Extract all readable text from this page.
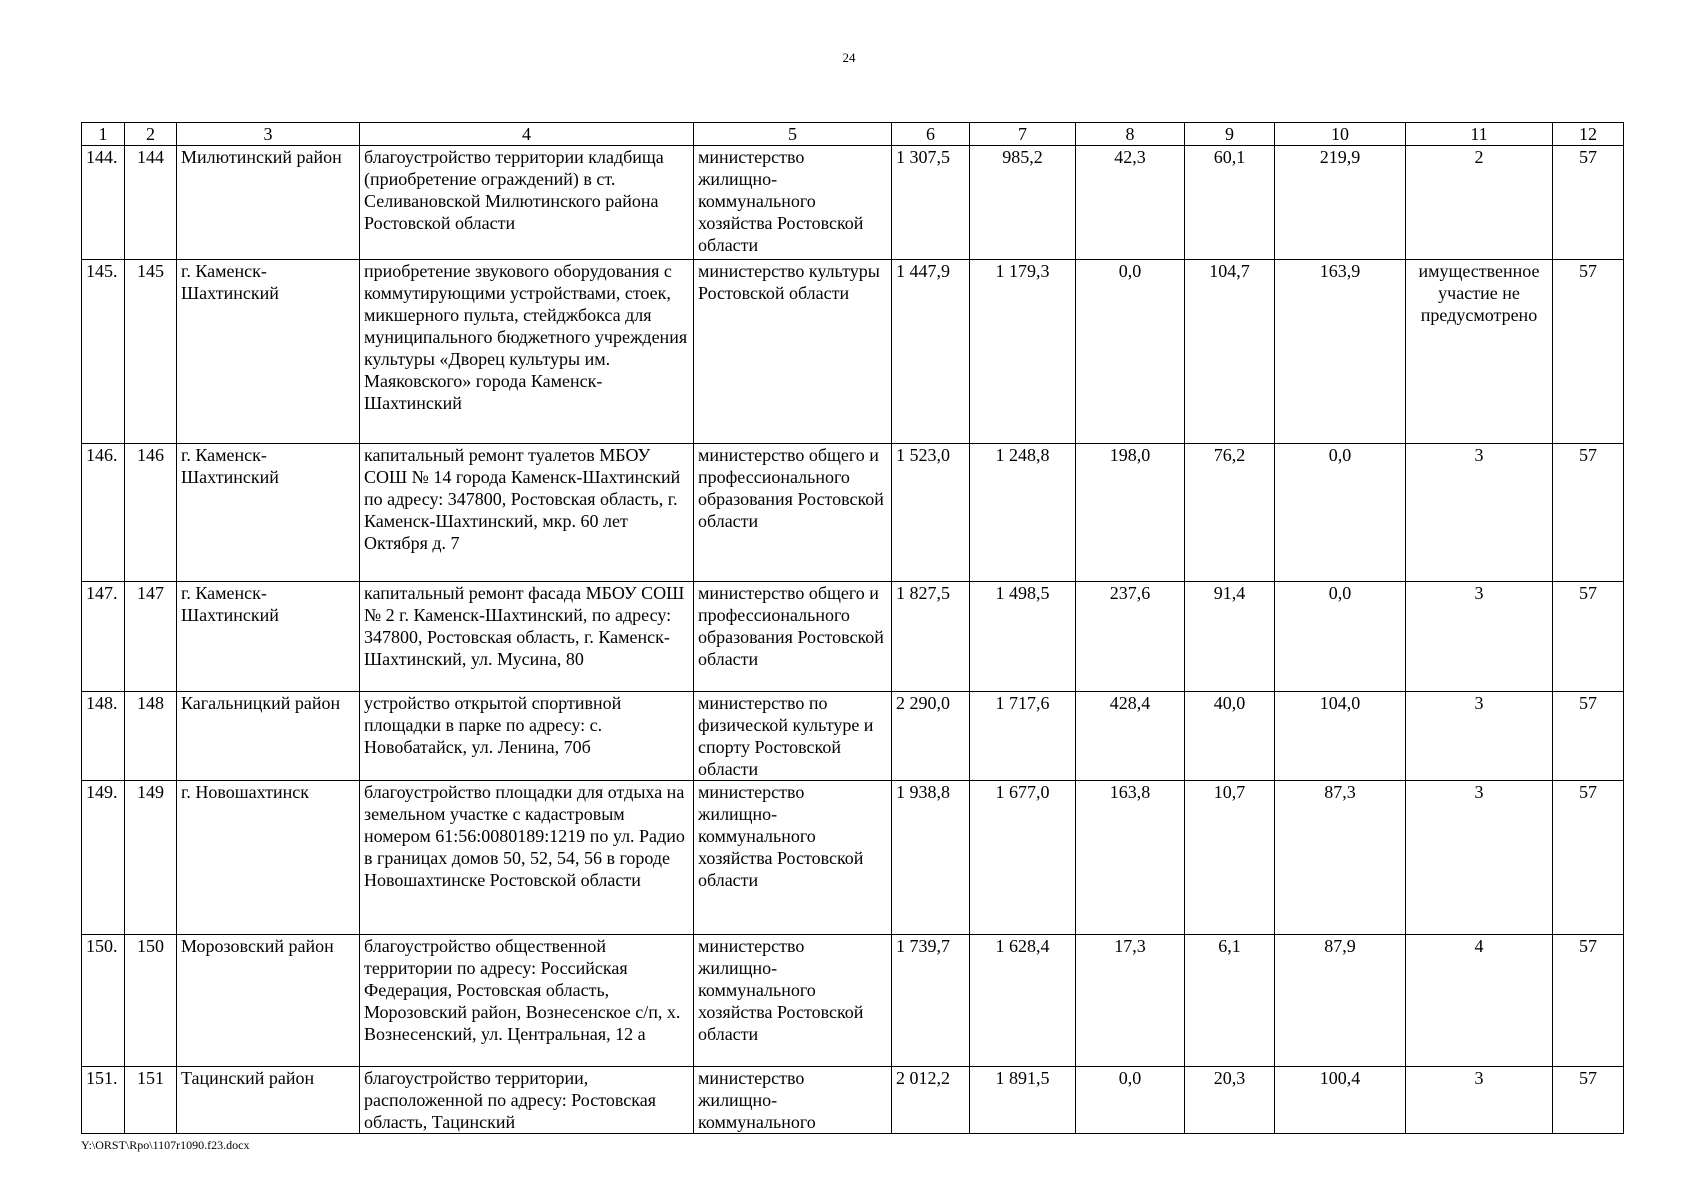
24
1	2	3	4	5	6	7	8	9	10	11	12
144.	144	Милютинский район	благоустройство территории кладбища (приобретение ограждений) в ст. Селивановской Милютинского района Ростовской области	министерство жилищно-коммунального хозяйства Ростовской области	1 307,5	985,2	42,3	60,1	219,9	2	57
145.	145	г. Каменск-Шахтинский	приобретение звукового оборудования с коммутирующими устройствами, стоек, микшерного пульта, стейджбокса для муниципального бюджетного учреждения культуры «Дворец культуры им. Маяковского» города Каменск-Шахтинский	министерство культуры Ростовской области	1 447,9	1 179,3	0,0	104,7	163,9	имущественное участие не предусмотрено	57
146.	146	г. Каменск-Шахтинский	капитальный ремонт туалетов МБОУ СОШ № 14 города Каменск-Шахтинский по адресу: 347800, Ростовская область, г. Каменск-Шахтинский, мкр. 60 лет Октября д. 7	министерство общего и профессионального образования Ростовской области	1 523,0	1 248,8	198,0	76,2	0,0	3	57
147.	147	г. Каменск-Шахтинский	капитальный ремонт фасада МБОУ СОШ № 2 г. Каменск-Шахтинский, по адресу: 347800, Ростовская область, г. Каменск-Шахтинский, ул. Мусина, 80	министерство общего и профессионального образования Ростовской области	1 827,5	1 498,5	237,6	91,4	0,0	3	57
148.	148	Кагальницкий район	устройство открытой спортивной площадки в парке по адресу: с. Новобатайск, ул. Ленина, 70б	министерство по физической культуре и спорту Ростовской области	2 290,0	1 717,6	428,4	40,0	104,0	3	57
149.	149	г. Новошахтинск	благоустройство площадки для отдыха на земельном участке с кадастровым номером 61:56:0080189:1219 по ул. Радио в границах домов 50, 52, 54, 56 в городе Новошахтинске Ростовской области	министерство жилищно-коммунального хозяйства Ростовской области	1 938,8	1 677,0	163,8	10,7	87,3	3	57
150.	150	Морозовский район	благоустройство общественной территории по адресу: Российская Федерация, Ростовская область, Морозовский район, Вознесенское с/п, х. Вознесенский, ул. Центральная, 12 а	министерство жилищно-коммунального хозяйства Ростовской области	1 739,7	1 628,4	17,3	6,1	87,9	4	57
151.	151	Тацинский район	благоустройство территории, расположенной по адресу: Ростовская область, Тацинский	министерство жилищно-коммунального	2 012,2	1 891,5	0,0	20,3	100,4	3	57
Y:\ORST\Rpo\1107r1090.f23.docx
